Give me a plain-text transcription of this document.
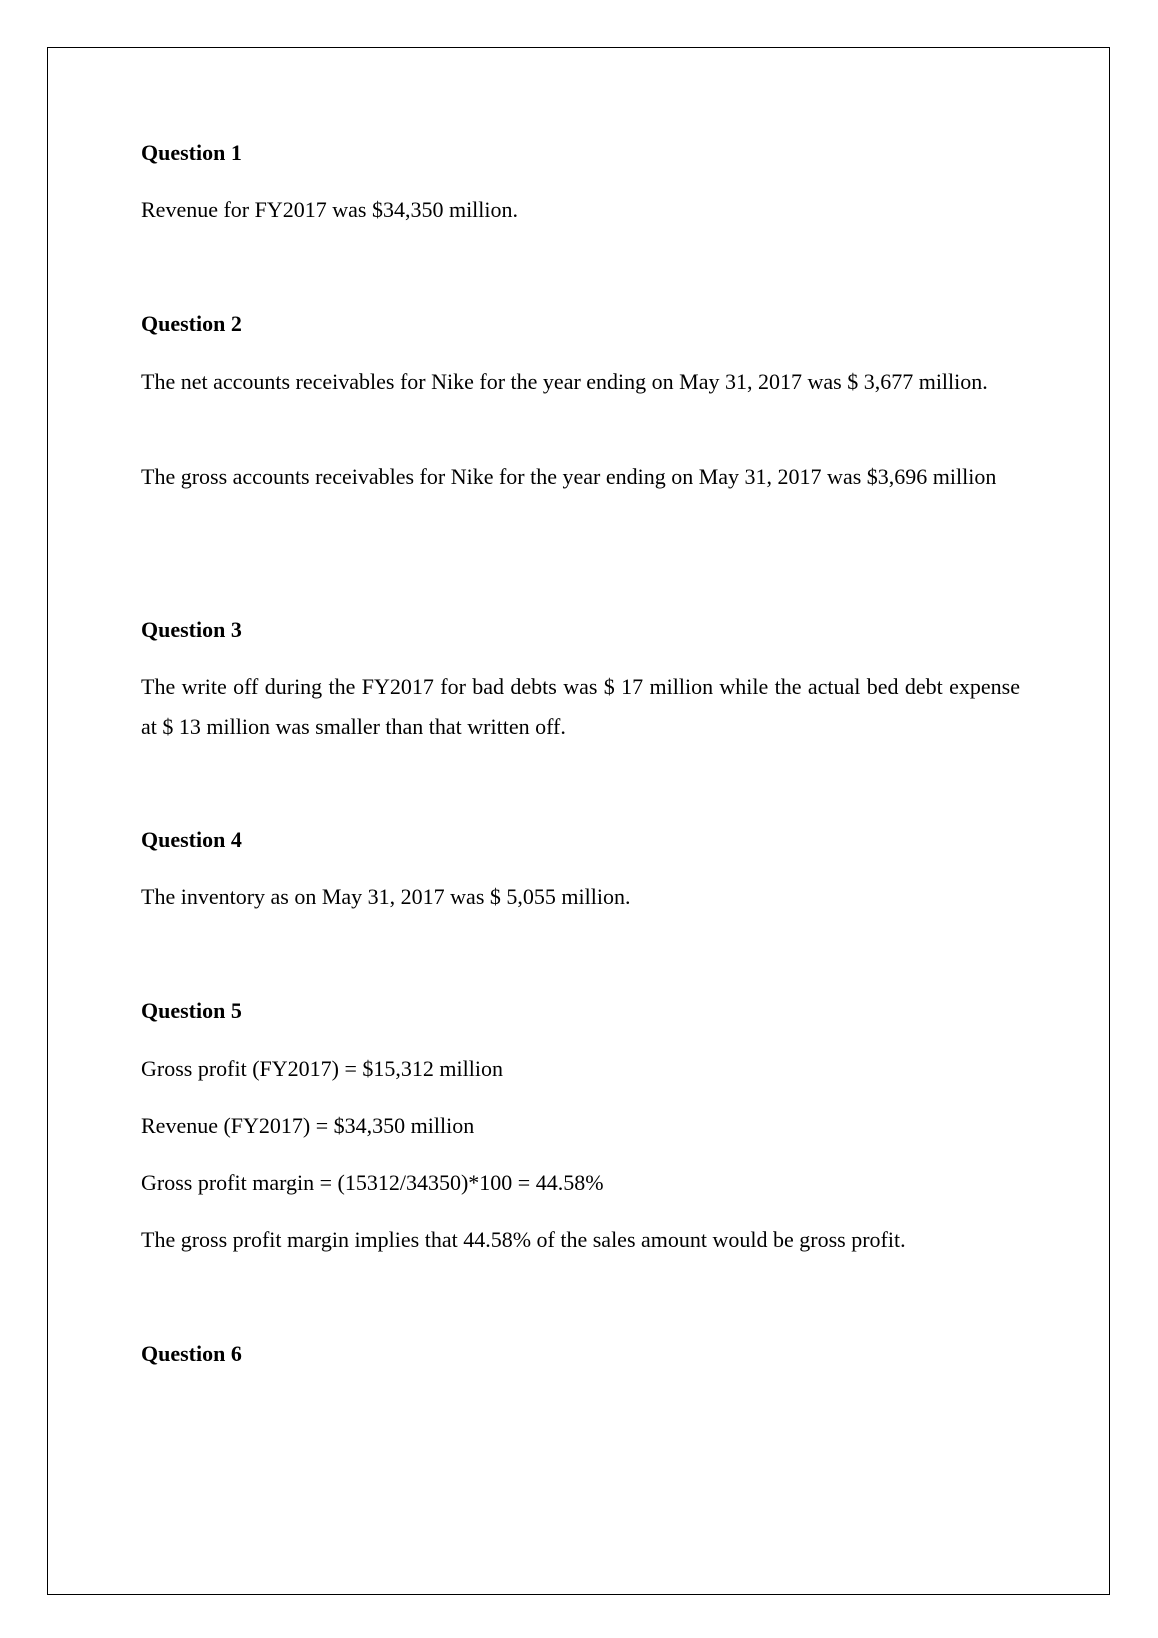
Question 1

Revenue for FY2017 was $34,350 million.

Question 2

The net accounts receivables for Nike for the year ending on May 31, 2017 was $ 3,677 million.

The gross accounts receivables for Nike for the year ending on May 31, 2017 was $3,696 million

Question 3

The write off during the FY2017 for bad debts was $ 17 million while the actual bed debt expense at $ 13 million was smaller than that written off.

Question 4

The inventory as on May 31, 2017 was $ 5,055 million.

Question 5

Gross profit (FY2017) = $15,312 million

Revenue (FY2017) = $34,350 million

Gross profit margin = (15312/34350)*100 = 44.58%

The gross profit margin implies that 44.58% of the sales amount would be gross profit.

Question 6
